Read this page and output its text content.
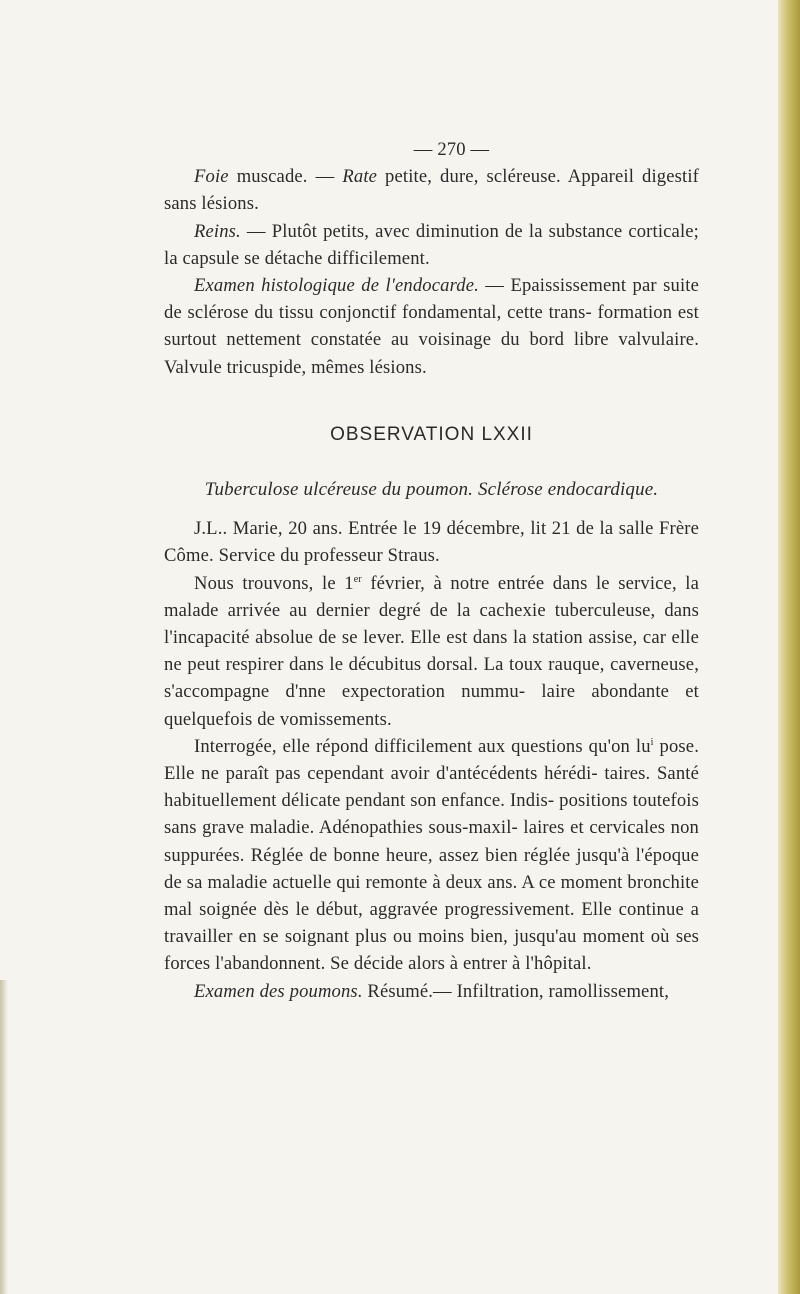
— 270 —

Foie muscade. — Rate petite, dure, scléreuse. Appareil digestif sans lésions.

Reins. — Plutôt petits, avec diminution de la substance corticale; la capsule se détache difficilement.

Examen histologique de l'endocarde. — Epaississement par suite de sclérose du tissu conjonctif fondamental, cette trans- formation est surtout nettement constatée au voisinage du bord libre valvulaire. Valvule tricuspide, mêmes lésions.

OBSERVATION LXXII
Tuberculose ulcéreuse du poumon. Sclérose endocardique.

J.L.. Marie, 20 ans. Entrée le 19 décembre, lit 21 de la salle Frère Côme. Service du professeur Straus.

Nous trouvons, le 1er février, à notre entrée dans le service, la malade arrivée au dernier degré de la cachexie tuberculeuse, dans l'incapacité absolue de se lever. Elle est dans la station assise, car elle ne peut respirer dans le décubitus dorsal. La toux rauque, caverneuse, s'accompagne d'nne expectoration nummu- laire abondante et quelquefois de vomissements.

Interrogée, elle répond difficilement aux questions qu'on $lu^i$ pose. Elle ne paraît pas cependant avoir d'antécédents hérédi- taires. Santé habituellement délicate pendant son enfance. Indis- positions toutefois sans grave maladie. Adénopathies sous-maxil- laires et cervicales non suppurées. Réglée de bonne heure, assez bien réglée jusqu'à l'époque de sa maladie actuelle qui remonte à deux ans. A ce moment bronchite mal soignée dès le début, aggravée progressivement. Elle continue a travailler en se soignant plus ou moins bien, jusqu'au moment où ses forces l'abandonnent. Se décide alors à entrer à l'hôpital.

Examen des poumons. Résumé.— Infiltration, ramollissement,
